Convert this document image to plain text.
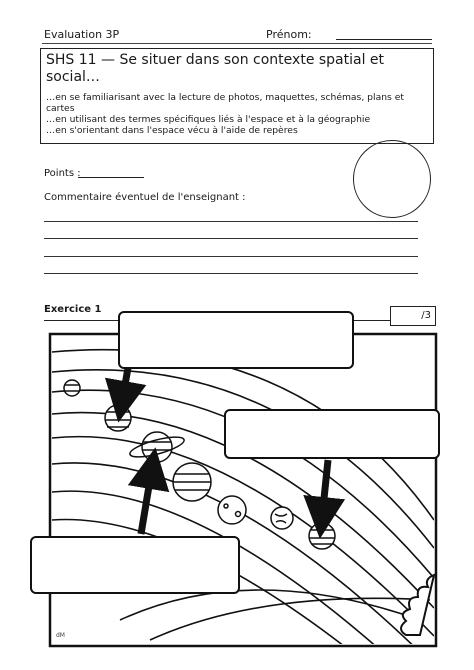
Evaluation 3P	Prénom:
SHS 11 — Se situer dans son contexte spatial et social…
…en se familiarisant avec la lecture de photos, maquettes, schémas, plans et cartes
…en utilisant des termes spécifiques liés à l'espace et à la géographie
…en s'orientant dans l'espace vécu à l'aide de repères
Points :
Commentaire éventuel de l'enseignant :
Exercice 1
dM
/3
